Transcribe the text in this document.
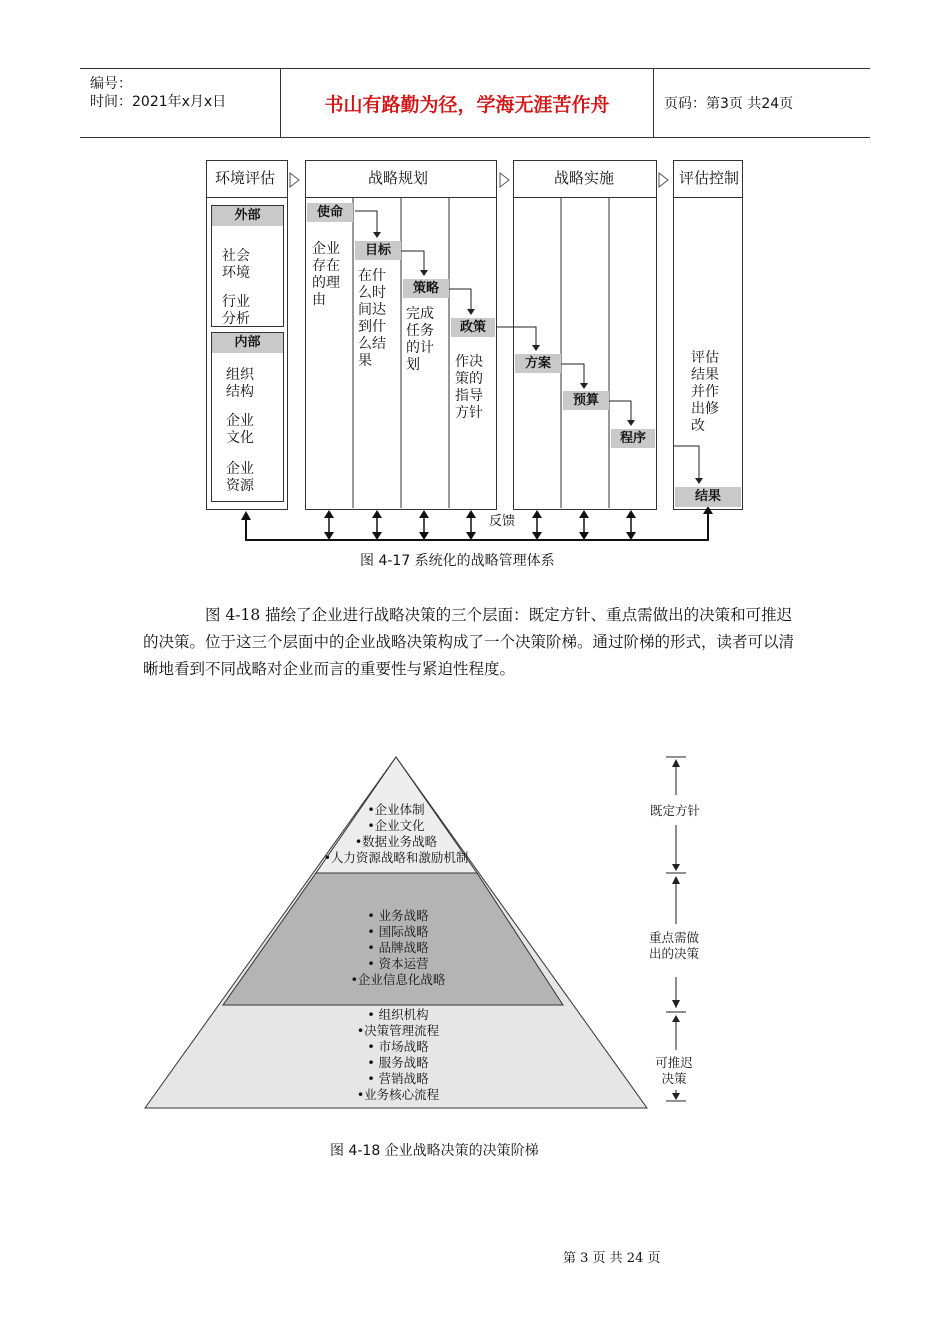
编号：
时间：2021年x月x日	书山有路勤为径，学海无涯苦作舟	页码：第3页 共24页
环境评估	战略规划	战略实施	评估控制
外部
社会环境
行业分析
内部
组织结构
企业文化
企业资源
使命
企业存在的理由
目标
在什么时间达到什么结果
策略
完成任务的计划
政策
作决策的指导方针
方案
预算
程序
评估结果并作出修改
结果
反馈
图 4-17 系统化的战略管理体系
图 4-18 描绘了企业进行战略决策的三个层面：既定方针、重点需做出的决策和可推迟的决策。位于这三个层面中的企业战略决策构成了一个决策阶梯。通过阶梯的形式，读者可以清晰地看到不同战略对企业而言的重要性与紧迫性程度。
•企业体制
•企业文化
•数据业务战略
•人力资源战略和激励机制
• 业务战略
• 国际战略
• 品牌战略
• 资本运营
•企业信息化战略
• 组织机构
•决策管理流程
• 市场战略
• 服务战略
• 营销战略
•业务核心流程
既定方针
重点需做出的决策
可推迟决策
图 4-18 企业战略决策的决策阶梯
第 3 页 共 24 页
